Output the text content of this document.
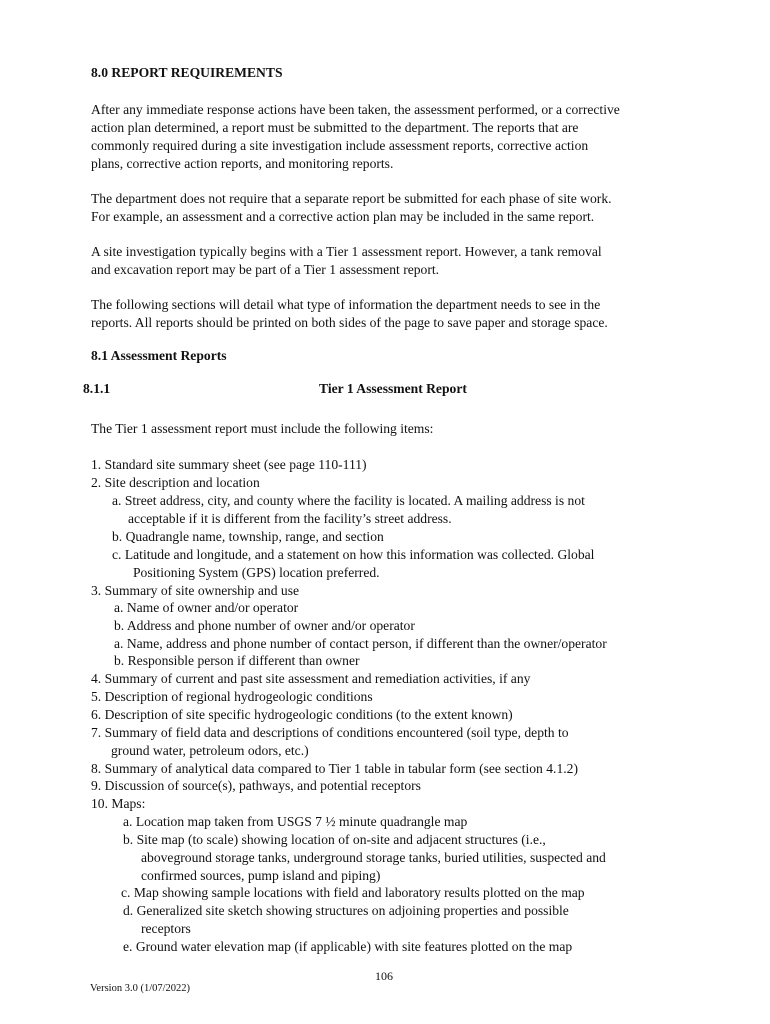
8.0 REPORT REQUIREMENTS
After any immediate response actions have been taken, the assessment performed, or a corrective
action plan determined, a report must be submitted to the department. The reports that are
commonly required during a site investigation include assessment reports, corrective action
plans, corrective action reports, and monitoring reports.
The department does not require that a separate report be submitted for each phase of site work.
For example, an assessment and a corrective action plan may be included in the same report.
A site investigation typically begins with a Tier 1 assessment report. However, a tank removal
and excavation report may be part of a Tier 1 assessment report.
The following sections will detail what type of information the department needs to see in the
reports. All reports should be printed on both sides of the page to save paper and storage space.
8.1 Assessment Reports
8.1.1	Tier 1 Assessment Report
The Tier 1 assessment report must include the following items:
1. Standard site summary sheet (see page 110-111)
2. Site description and location
a. Street address, city, and county where the facility is located. A mailing address is not
acceptable if it is different from the facility’s street address.
b. Quadrangle name, township, range, and section
c. Latitude and longitude, and a statement on how this information was collected. Global
Positioning System (GPS) location preferred.
3. Summary of site ownership and use
a. Name of owner and/or operator
b. Address and phone number of owner and/or operator
a. Name, address and phone number of contact person, if different than the owner/operator
b. Responsible person if different than owner
4. Summary of current and past site assessment and remediation activities, if any
5. Description of regional hydrogeologic conditions
6. Description of site specific hydrogeologic conditions (to the extent known)
7. Summary of field data and descriptions of conditions encountered (soil type, depth to
ground water, petroleum odors, etc.)
8. Summary of analytical data compared to Tier 1 table in tabular form (see section 4.1.2)
9. Discussion of source(s), pathways, and potential receptors
10. Maps:
a. Location map taken from USGS 7 ½ minute quadrangle map
b. Site map (to scale) showing location of on-site and adjacent structures (i.e.,
aboveground storage tanks, underground storage tanks, buried utilities, suspected and
confirmed sources, pump island and piping)
c. Map showing sample locations with field and laboratory results plotted on the map
d. Generalized site sketch showing structures on adjoining properties and possible
receptors
e. Ground water elevation map (if applicable) with site features plotted on the map
106
Version 3.0 (1/07/2022)
